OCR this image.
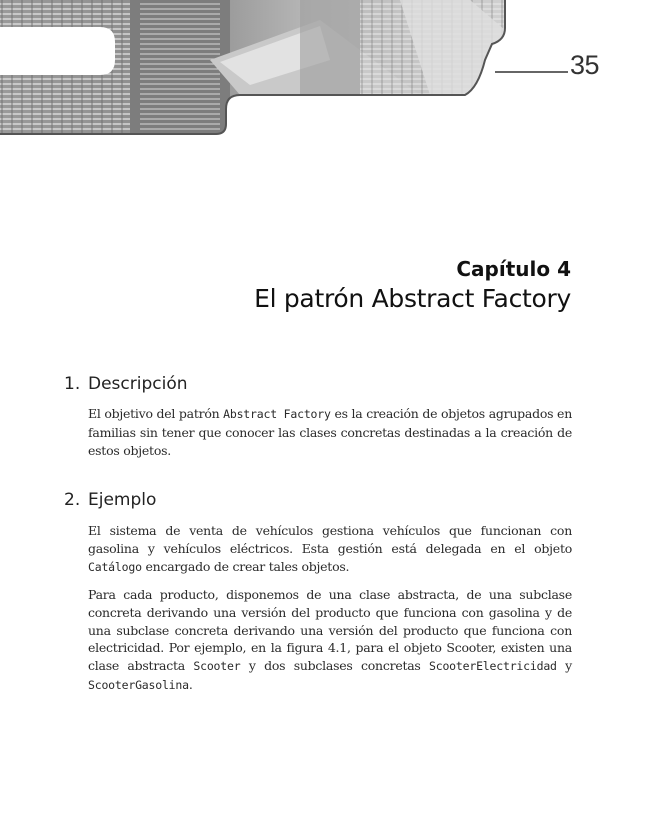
35
Capítulo 4
El patrón Abstract Factory
1. Descripción

El objetivo del patrón Abstract Factory es la creación de objetos agrupados en familias sin tener que conocer las clases concretas destinadas a la creación de estos objetos.

2. Ejemplo

El sistema de venta de vehículos gestiona vehículos que funcionan con gasolina y vehículos eléctricos. Esta gestión está delegada en el objeto Catálogo encargado de crear tales objetos.

Para cada producto, disponemos de una clase abstracta, de una subclase concreta derivando una versión del producto que funciona con gasolina y de una subclase concreta derivando una versión del producto que funciona con electricidad. Por ejemplo, en la figura 4.1, para el objeto Scooter, existen una clase abstracta Scooter y dos subclases concretas ScooterElectricidad y ScooterGasolina.
